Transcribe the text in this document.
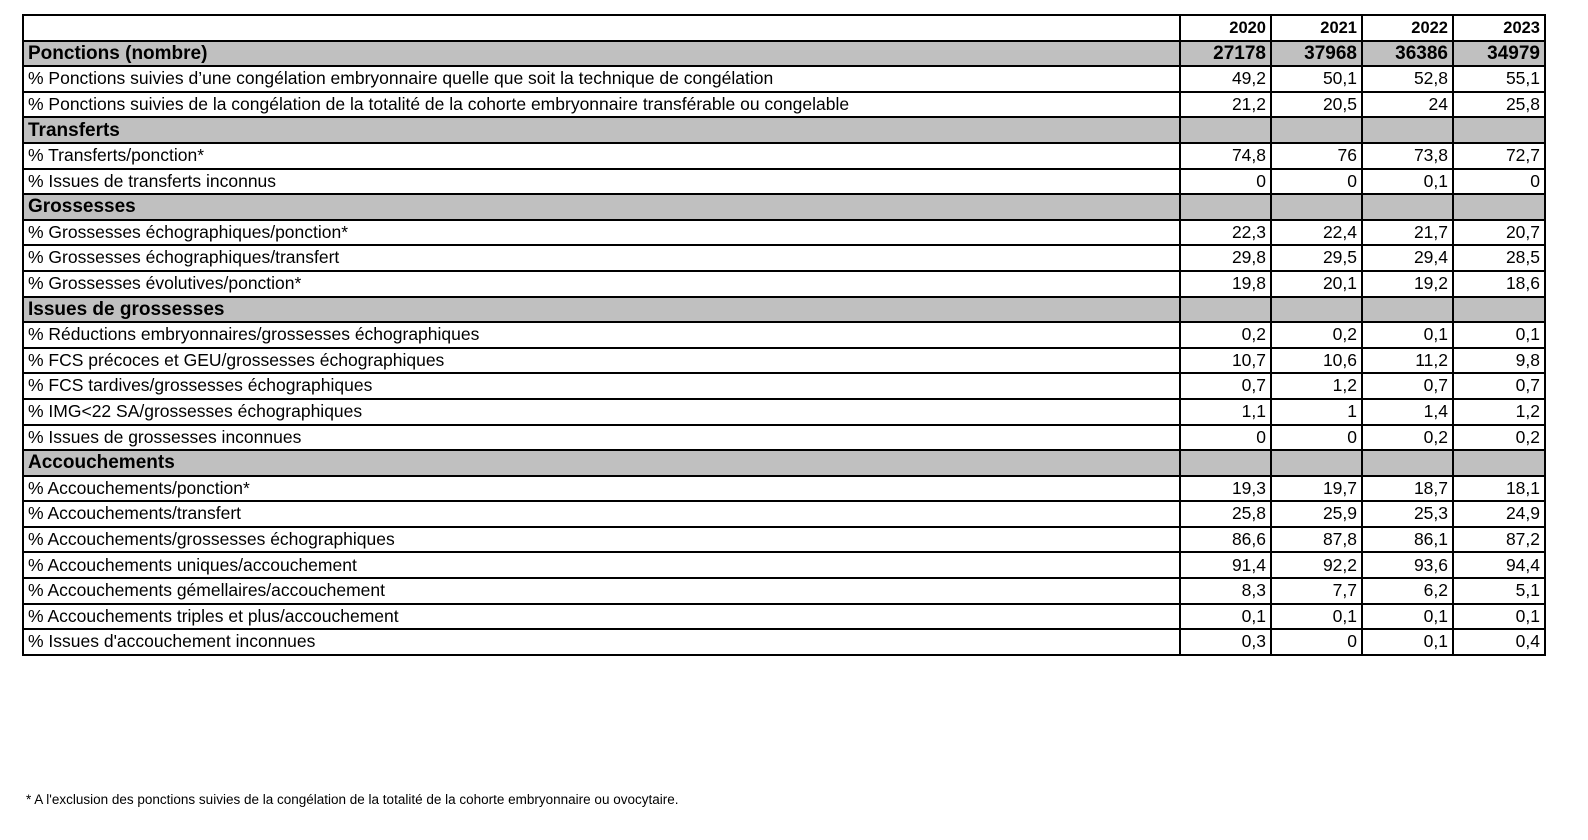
	2020	2021	2022	2023
Ponctions (nombre)	27178	37968	36386	34979
% Ponctions suivies d’une congélation embryonnaire quelle que soit la technique de congélation	49,2	50,1	52,8	55,1
% Ponctions suivies de la congélation de la totalité de la cohorte embryonnaire transférable ou congelable	21,2	20,5	24	25,8
Transferts				
% Transferts/ponction*	74,8	76	73,8	72,7
% Issues de transferts inconnus	0	0	0,1	0
Grossesses				
% Grossesses échographiques/ponction*	22,3	22,4	21,7	20,7
% Grossesses échographiques/transfert	29,8	29,5	29,4	28,5
% Grossesses évolutives/ponction*	19,8	20,1	19,2	18,6
Issues de grossesses				
% Réductions embryonnaires/grossesses échographiques	0,2	0,2	0,1	0,1
% FCS précoces et GEU/grossesses échographiques	10,7	10,6	11,2	9,8
% FCS tardives/grossesses échographiques	0,7	1,2	0,7	0,7
% IMG<22 SA/grossesses échographiques	1,1	1	1,4	1,2
% Issues de grossesses inconnues	0	0	0,2	0,2
Accouchements				
% Accouchements/ponction*	19,3	19,7	18,7	18,1
% Accouchements/transfert	25,8	25,9	25,3	24,9
% Accouchements/grossesses échographiques	86,6	87,8	86,1	87,2
% Accouchements uniques/accouchement	91,4	92,2	93,6	94,4
% Accouchements gémellaires/accouchement	8,3	7,7	6,2	5,1
% Accouchements triples et plus/accouchement	0,1	0,1	0,1	0,1
% Issues d'accouchement inconnues	0,3	0	0,1	0,4
* A l'exclusion des ponctions suivies de la congélation de la totalité de la cohorte embryonnaire ou ovocytaire.
